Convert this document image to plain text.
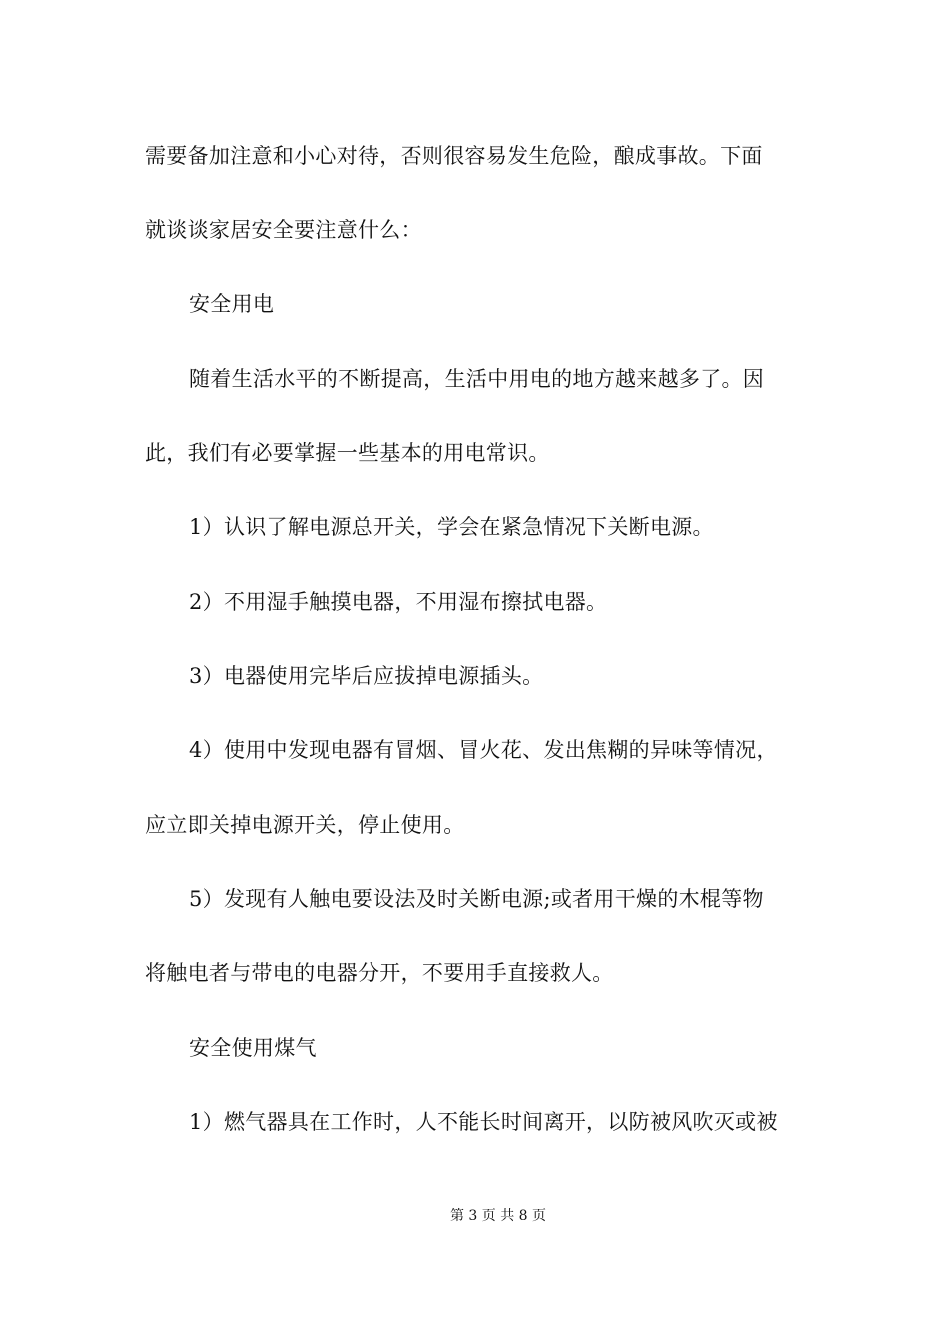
需要备加注意和小心对待，否则很容易发生危险，酿成事故。下面
就谈谈家居安全要注意什么：
安全用电
随着生活水平的不断提高，生活中用电的地方越来越多了。因
此，我们有必要掌握一些基本的用电常识。
1）认识了解电源总开关，学会在紧急情况下关断电源。
2）不用湿手触摸电器，不用湿布擦拭电器。
3）电器使用完毕后应拔掉电源插头。
4）使用中发现电器有冒烟、冒火花、发出焦糊的异味等情况，
应立即关掉电源开关，停止使用。
5）发现有人触电要设法及时关断电源;或者用干燥的木棍等物
将触电者与带电的电器分开，不要用手直接救人。
安全使用煤气
1）燃气器具在工作时，人不能长时间离开，以防被风吹灭或被
第 3 页 共 8 页
